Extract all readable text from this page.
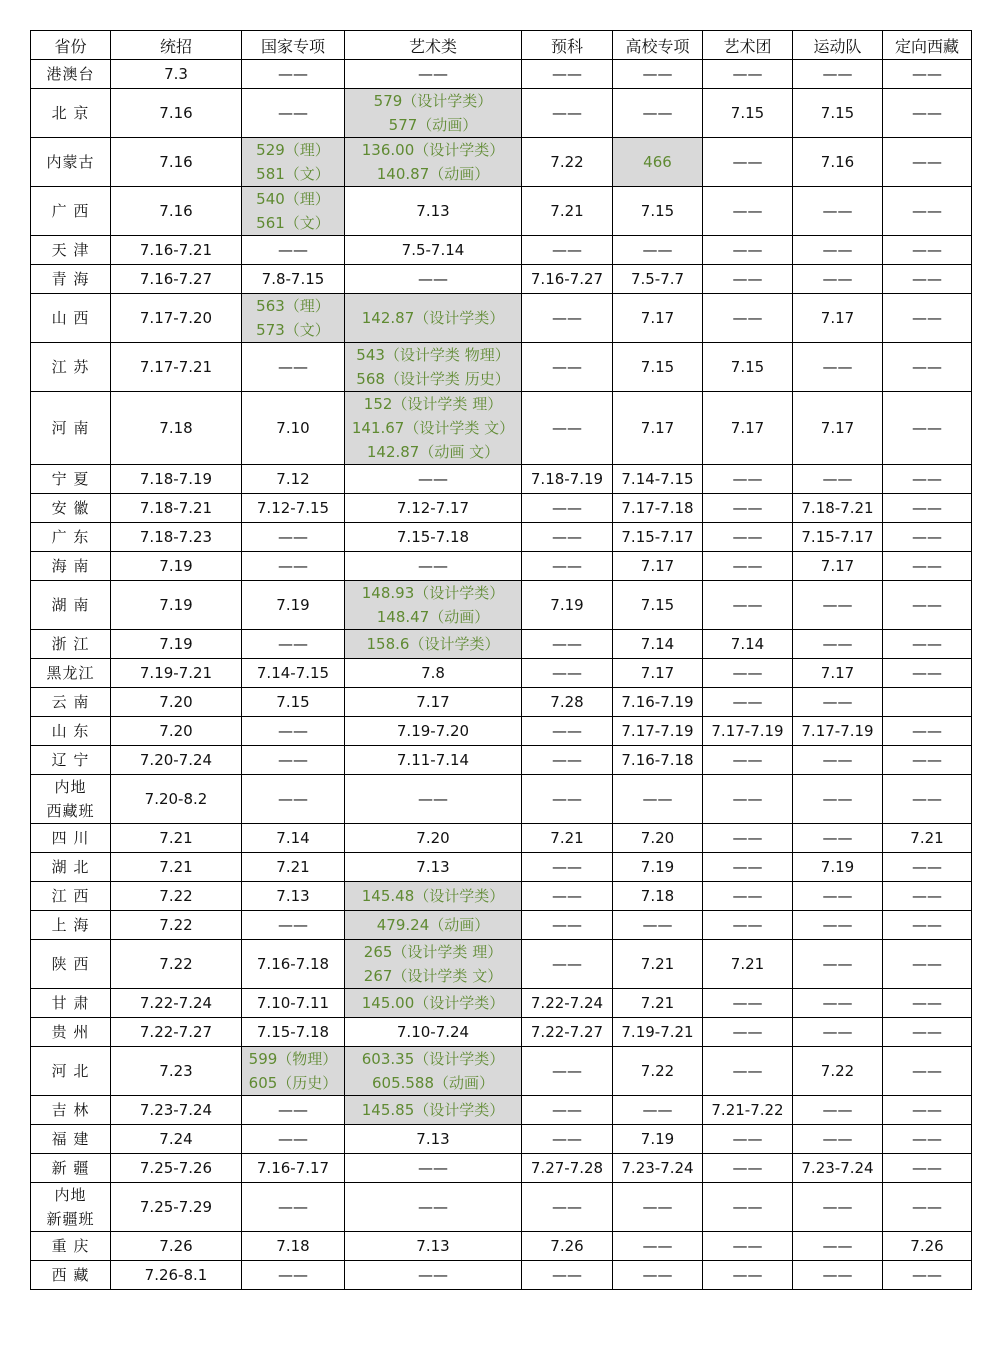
省份	统招	国家专项	艺术类	预科	高校专项	艺术团	运动队	定向西藏

港澳台	7.3	——	——	——	——	——	——	——

北 京	7.16	——	579（设计学类）
577（动画）	——	——	7.15	7.15	——

内蒙古	7.16	529（理）
581（文）	136.00（设计学类）
140.87（动画）	7.22	466	——	7.16	——

广 西	7.16	540（理）
561（文）	7.13	7.21	7.15	——	——	——

天 津	7.16-7.21	——	7.5-7.14	——	——	——	——	——

青 海	7.16-7.27	7.8-7.15	——	7.16-7.27	7.5-7.7	——	——	——

山 西	7.17-7.20	563（理）
573（文）	142.87（设计学类）	——	7.17	——	7.17	——

江 苏	7.17-7.21	——	543（设计学类 物理）
568（设计学类 历史）	——	7.15	7.15	——	——

河 南	7.18	7.10	152（设计学类 理）
141.67（设计学类 文）
142.87（动画 文）	——	7.17	7.17	7.17	——

宁 夏	7.18-7.19	7.12	——	7.18-7.19	7.14-7.15	——	——	——

安 徽	7.18-7.21	7.12-7.15	7.12-7.17	——	7.17-7.18	——	7.18-7.21	——

广 东	7.18-7.23	——	7.15-7.18	——	7.15-7.17	——	7.15-7.17	——

海 南	7.19	——	——	——	7.17	——	7.17	——

湖 南	7.19	7.19	148.93（设计学类）
148.47（动画）	7.19	7.15	——	——	——

浙 江	7.19	——	158.6（设计学类）	——	7.14	7.14	——	——

黑龙江	7.19-7.21	7.14-7.15	7.8	——	7.17	——	7.17	——

云 南	7.20	7.15	7.17	7.28	7.16-7.19	——	——	

山 东	7.20	——	7.19-7.20	——	7.17-7.19	7.17-7.19	7.17-7.19	——

辽 宁	7.20-7.24	——	7.11-7.14	——	7.16-7.18	——	——	——

内地
西藏班	7.20-8.2	——	——	——	——	——	——	——

四 川	7.21	7.14	7.20	7.21	7.20	——	——	7.21

湖 北	7.21	7.21	7.13	——	7.19	——	7.19	——

江 西	7.22	7.13	145.48（设计学类）	——	7.18	——	——	——

上 海	7.22	——	479.24（动画）	——	——	——	——	——

陕 西	7.22	7.16-7.18	265（设计学类 理）
267（设计学类 文）	——	7.21	7.21	——	——

甘 肃	7.22-7.24	7.10-7.11	145.00（设计学类）	7.22-7.24	7.21	——	——	——

贵 州	7.22-7.27	7.15-7.18	7.10-7.24	7.22-7.27	7.19-7.21	——	——	——

河 北	7.23	599（物理）
605（历史）	603.35（设计学类）
605.588（动画）	——	7.22	——	7.22	——

吉 林	7.23-7.24	——	145.85（设计学类）	——	——	7.21-7.22	——	——

福 建	7.24	——	7.13	——	7.19	——	——	——

新 疆	7.25-7.26	7.16-7.17	——	7.27-7.28	7.23-7.24	——	7.23-7.24	——

内地
新疆班	7.25-7.29	——	——	——	——	——	——	——

重 庆	7.26	7.18	7.13	7.26	——	——	——	7.26

西 藏	7.26-8.1	——	——	——	——	——	——	——
